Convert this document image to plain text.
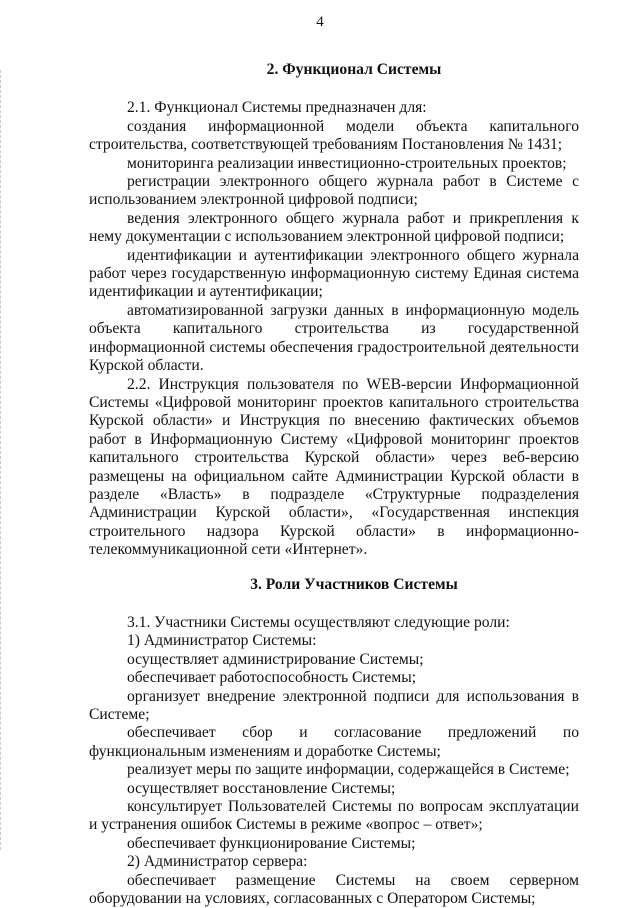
4
2. Функционал Системы

2.1. Функционал Системы предназначен для:

создания информационной модели объекта капитального строительства, соответствующей требованиям Постановления № 1431;

мониторинга реализации инвестиционно-строительных проектов;

регистрации электронного общего журнала работ в Системе с использованием электронной цифровой подписи;

ведения электронного общего журнала работ и прикрепления к нему документации с использованием электронной цифровой подписи;

идентификации и аутентификации электронного общего журнала работ через государственную информационную систему Единая система идентификации и аутентификации;

автоматизированной загрузки данных в информационную модель объекта капитального строительства из государственной информационной системы обеспечения градостроительной деятельности Курской области.

2.2. Инструкция пользователя по WEB-версии Информационной Системы «Цифровой мониторинг проектов капитального строительства Курской области» и Инструкция по внесению фактических объемов работ в Информационную Систему «Цифровой мониторинг проектов капитального строительства Курской области» через веб-версию размещены на официальном сайте Администрации Курской области в разделе «Власть» в подразделе «Структурные подразделения Администрации Курской области», «Государственная инспекция строительного надзора Курской области» в информационно-телекоммуникационной сети «Интернет».

3. Роли Участников Системы

3.1. Участники Системы осуществляют следующие роли:

1) Администратор Системы:

осуществляет администрирование Системы;

обеспечивает работоспособность Системы;

организует внедрение электронной подписи для использования в Системе;

обеспечивает сбор и согласование предложений по функциональным изменениям и доработке Системы;

реализует меры по защите информации, содержащейся в Системе;

осуществляет восстановление Системы;

консультирует Пользователей Системы по вопросам эксплуатации и устранения ошибок Системы в режиме «вопрос – ответ»;

обеспечивает функционирование Системы;

2) Администратор сервера:

обеспечивает размещение Системы на своем серверном оборудовании на условиях, согласованных с Оператором Системы;
